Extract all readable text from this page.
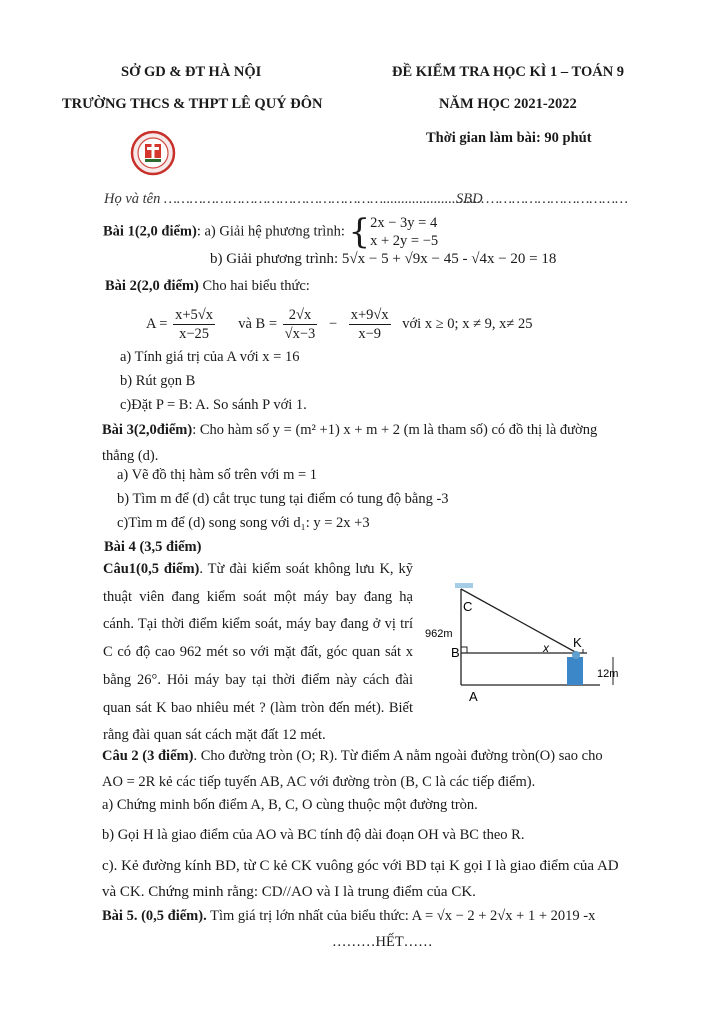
SỞ GD & ĐT HÀ NỘI
TRƯỜNG THCS & THPT LÊ QUÝ ĐÔN
ĐỀ KIỂM TRA HỌC KÌ 1 – TOÁN 9
NĂM HỌC 2021-2022
Thời gian làm bài: 90 phút
Họ và tên ……………………………………………............................
SBD ……………………………
Bài 1(2,0 điểm): a) Giải hệ phương trình: { 2x − 3y = 4
x + 2y = −5
b) Giải phương trình: 5√x − 5 + √9x − 45 - √4x − 20 = 18
Bài 2(2,0 điểm) Cho hai biểu thức:
$A = \frac{x+5√x}{x-25}$ và $B = \frac{2√x}{√x-3} - \frac{x+9√x}{x-9}$ với x ≥ 0; x ≠ 9, x≠ 25
a) Tính giá trị của A với x = 16
b) Rút gọn B
c)Đặt P = B: A. So sánh P với 1.
Bài 3(2,0điểm): Cho hàm số y = (m² +1) x + m + 2 (m là tham số) có đồ thị là đường thẳng (d).
a) Vẽ đồ thị hàm số trên với m = 1
b) Tìm m để (d) cắt trục tung tại điểm có tung độ bằng -3
c)Tìm m để (d) song song với d₁: y = 2x +3
Bài 4 (3,5 điểm)
Câu1(0,5 điểm). Từ đài kiểm soát không lưu K, kỹ thuật viên đang kiểm soát một máy bay đang hạ cánh. Tại thời điểm kiểm soát, máy bay đang ở vị trí C có độ cao 962 mét so với mặt đất, góc quan sát x bằng 26°. Hỏi máy bay tại thời điểm này cách đài quan sát K bao nhiêu mét ? (làm tròn đến mét). Biết rằng đài quan sát cách mặt đất 12 mét.
C
B
A
K
x
962m
12m
Câu 2 (3 điểm). Cho đường tròn (O; R). Từ điểm A nằm ngoài đường tròn(O) sao cho AO = 2R kẻ các tiếp tuyến AB, AC với đường tròn (B, C là các tiếp điểm).
a) Chứng minh bốn điểm A, B, C, O cùng thuộc một đường tròn.
b) Gọi H là giao điểm của AO và BC tính độ dài đoạn OH và BC theo R.
c). Kẻ đường kính BD, từ C kẻ CK vuông góc với BD tại K gọi I là giao điểm của AD và CK. Chứng minh rằng: CD//AO và I là trung điểm của CK.
Bài 5. (0,5 điểm). Tìm giá trị lớn nhất của biểu thức: A = √x − 2 + 2√x + 1 + 2019 -x
………HẾT……
